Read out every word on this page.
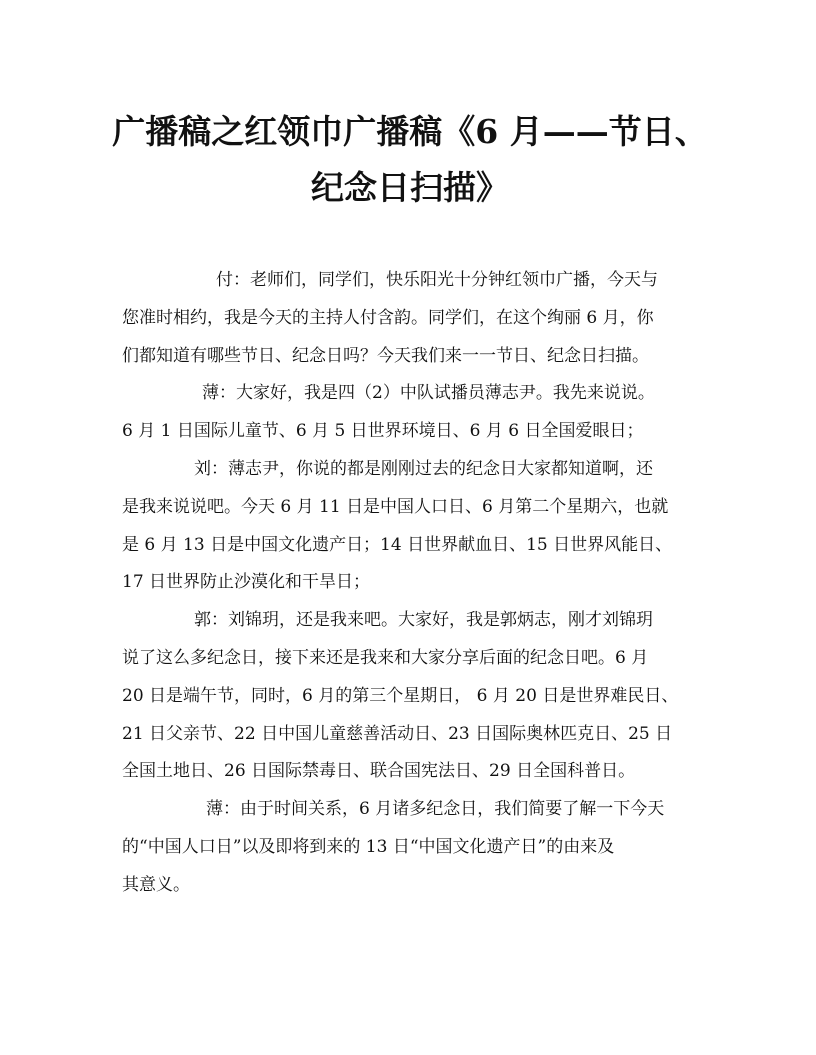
广播稿之红领巾广播稿《6 月——节日、
纪念日扫描》

付：老师们，同学们，快乐阳光十分钟红领巾广播，今天与
您准时相约，我是今天的主持人付含韵。同学们，在这个绚丽 6 月，你
们都知道有哪些节日、纪念日吗？今天我们来一一节日、纪念日扫描。

薄：大家好，我是四（2）中队试播员薄志尹。我先来说说。
6 月 1 日国际儿童节、6 月 5 日世界环境日、6 月 6 日全国爱眼日；

刘：薄志尹，你说的都是刚刚过去的纪念日大家都知道啊，还
是我来说说吧。今天 6 月 11 日是中国人口日、6 月第二个星期六，也就
是 6 月 13 日是中国文化遗产日；14 日世界献血日、15 日世界风能日、
17 日世界防止沙漠化和干旱日；

郭：刘锦玥，还是我来吧。大家好，我是郭炳志，刚才刘锦玥
说了这么多纪念日，接下来还是我来和大家分享后面的纪念日吧。6 月
20 日是端午节，同时，6 月的第三个星期日， 6 月 20 日是世界难民日、
21 日父亲节、22 日中国儿童慈善活动日、23 日国际奥林匹克日、25 日
全国土地日、26 日国际禁毒日、联合国宪法日、29 日全国科普日。

薄：由于时间关系，6 月诸多纪念日，我们简要了解一下今天
的“中国人口日”以及即将到来的 13 日“中国文化遗产日”的由来及
其意义。
